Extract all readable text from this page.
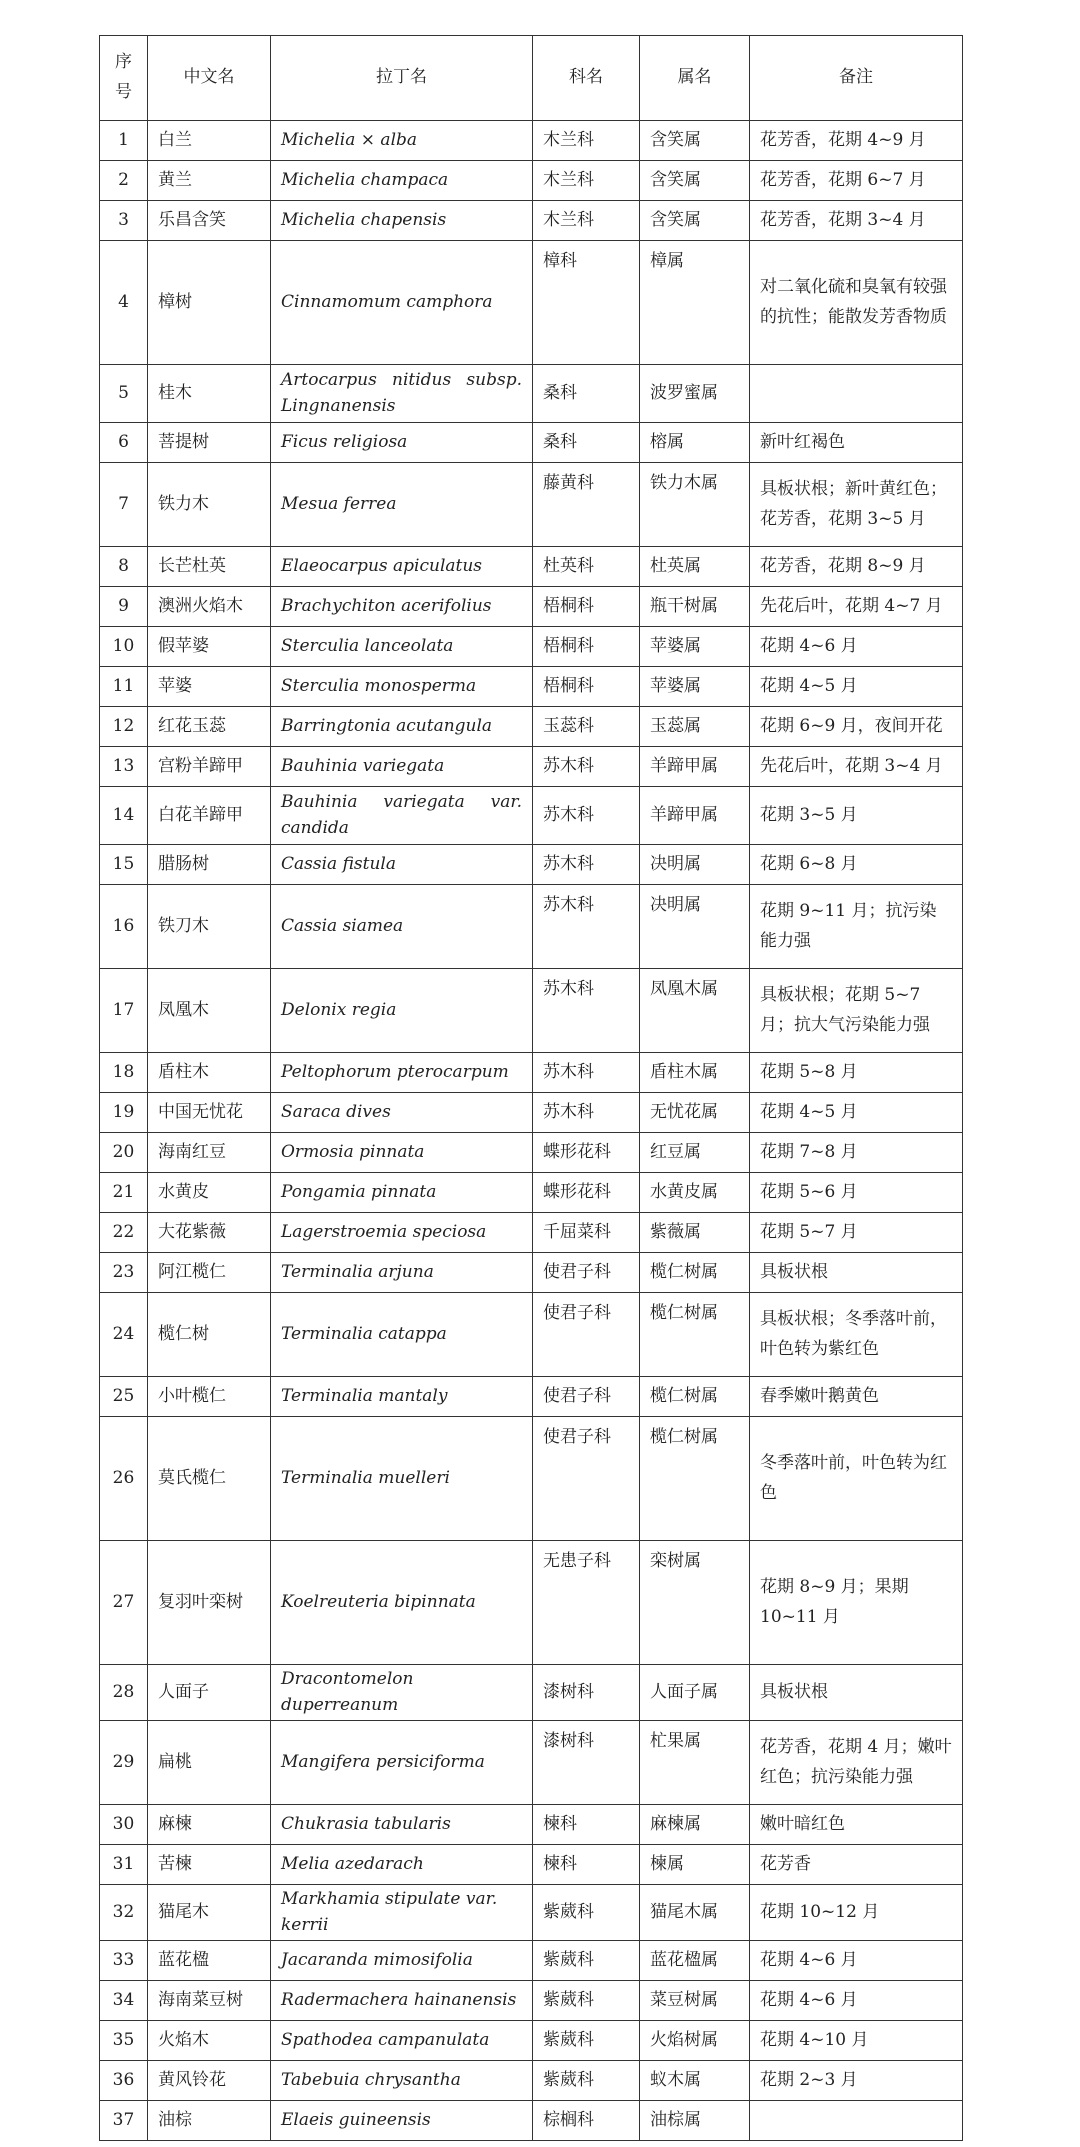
序号	中文名	拉丁名	科名	属名	备注
1	白兰	Michelia × alba	木兰科	含笑属	花芳香，花期 4~9 月
2	黄兰	Michelia champaca	木兰科	含笑属	花芳香，花期 6~7 月
3	乐昌含笑	Michelia chapensis	木兰科	含笑属	花芳香，花期 3~4 月
4	樟树	Cinnamomum camphora	樟科	樟属	对二氧化硫和臭氧有较强的抗性；能散发芳香物质
5	桂木	Artocarpus nitidus subsp. Lingnanensis	桑科	波罗蜜属	
6	菩提树	Ficus religiosa	桑科	榕属	新叶红褐色
7	铁力木	Mesua ferrea	藤黄科	铁力木属	具板状根；新叶黄红色；花芳香，花期 3~5 月
8	长芒杜英	Elaeocarpus apiculatus	杜英科	杜英属	花芳香，花期 8~9 月
9	澳洲火焰木	Brachychiton acerifolius	梧桐科	瓶干树属	先花后叶，花期 4~7 月
10	假苹婆	Sterculia lanceolata	梧桐科	苹婆属	花期 4~6 月
11	苹婆	Sterculia monosperma	梧桐科	苹婆属	花期 4~5 月
12	红花玉蕊	Barringtonia acutangula	玉蕊科	玉蕊属	花期 6~9 月，夜间开花
13	宫粉羊蹄甲	Bauhinia variegata	苏木科	羊蹄甲属	先花后叶，花期 3~4 月
14	白花羊蹄甲	Bauhinia variegata var. candida	苏木科	羊蹄甲属	花期 3~5 月
15	腊肠树	Cassia fistula	苏木科	决明属	花期 6~8 月
16	铁刀木	Cassia siamea	苏木科	决明属	花期 9~11 月；抗污染能力强
17	凤凰木	Delonix regia	苏木科	凤凰木属	具板状根；花期 5~7 月；抗大气污染能力强
18	盾柱木	Peltophorum pterocarpum	苏木科	盾柱木属	花期 5~8 月
19	中国无忧花	Saraca dives	苏木科	无忧花属	花期 4~5 月
20	海南红豆	Ormosia pinnata	蝶形花科	红豆属	花期 7~8 月
21	水黄皮	Pongamia pinnata	蝶形花科	水黄皮属	花期 5~6 月
22	大花紫薇	Lagerstroemia speciosa	千屈菜科	紫薇属	花期 5~7 月
23	阿江榄仁	Terminalia arjuna	使君子科	榄仁树属	具板状根
24	榄仁树	Terminalia catappa	使君子科	榄仁树属	具板状根；冬季落叶前，叶色转为紫红色
25	小叶榄仁	Terminalia mantaly	使君子科	榄仁树属	春季嫩叶鹅黄色
26	莫氏榄仁	Terminalia muelleri	使君子科	榄仁树属	冬季落叶前，叶色转为红色
27	复羽叶栾树	Koelreuteria bipinnata	无患子科	栾树属	花期 8~9 月；果期 10~11 月
28	人面子	Dracontomelon duperreanum	漆树科	人面子属	具板状根
29	扁桃	Mangifera persiciforma	漆树科	杧果属	花芳香，花期 4 月；嫩叶红色；抗污染能力强
30	麻楝	Chukrasia tabularis	楝科	麻楝属	嫩叶暗红色
31	苦楝	Melia azedarach	楝科	楝属	花芳香
32	猫尾木	Markhamia stipulate var. kerrii	紫葳科	猫尾木属	花期 10~12 月
33	蓝花楹	Jacaranda mimosifolia	紫葳科	蓝花楹属	花期 4~6 月
34	海南菜豆树	Radermachera hainanensis	紫葳科	菜豆树属	花期 4~6 月
35	火焰木	Spathodea campanulata	紫葳科	火焰树属	花期 4~10 月
36	黄风铃花	Tabebuia chrysantha	紫葳科	蚁木属	花期 2~3 月
37	油棕	Elaeis guineensis	棕榈科	油棕属	
